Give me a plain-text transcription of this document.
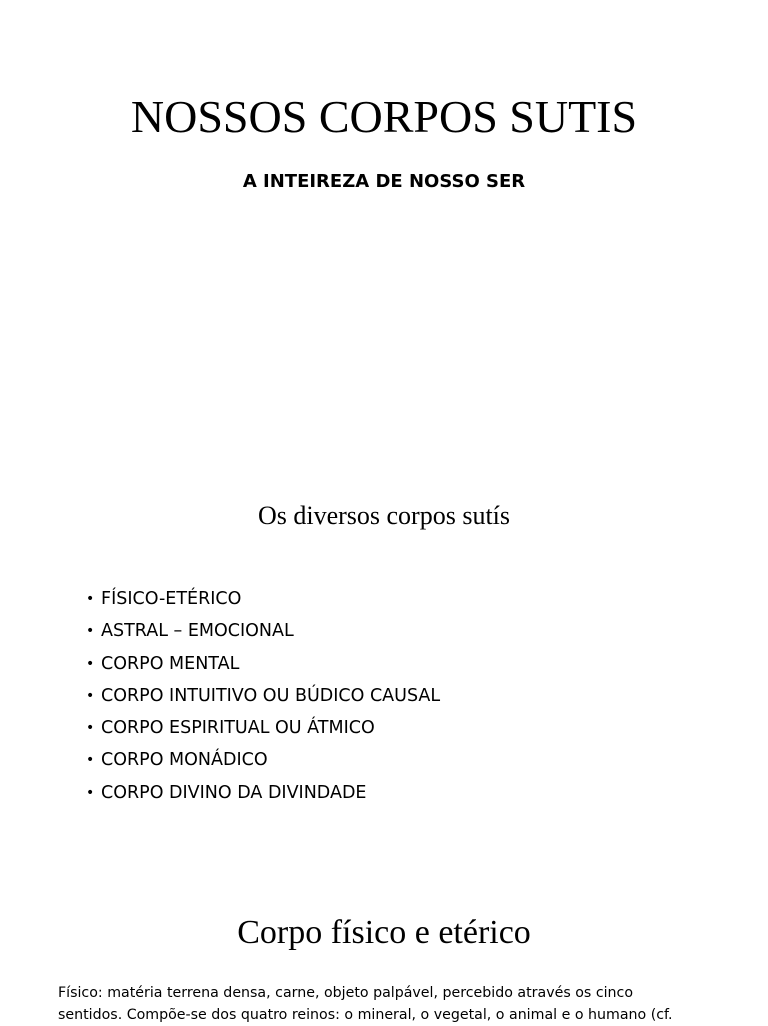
NOSSOS CORPOS SUTIS

A INTEIREZA DE NOSSO SER

Os diversos corpos sutís
• FÍSICO-ETÉRICO
• ASTRAL – EMOCIONAL
• CORPO MENTAL
• CORPO INTUITIVO OU BÚDICO CAUSAL
• CORPO ESPIRITUAL OU ÁTMICO
• CORPO MONÁDICO
• CORPO DIVINO DA DIVINDADE
Corpo físico e etérico

Físico: matéria terrena densa, carne, objeto palpável, percebido através os cinco
sentidos. Compõe-se dos quatro reinos: o mineral, o vegetal, o animal e o humano (cf.
